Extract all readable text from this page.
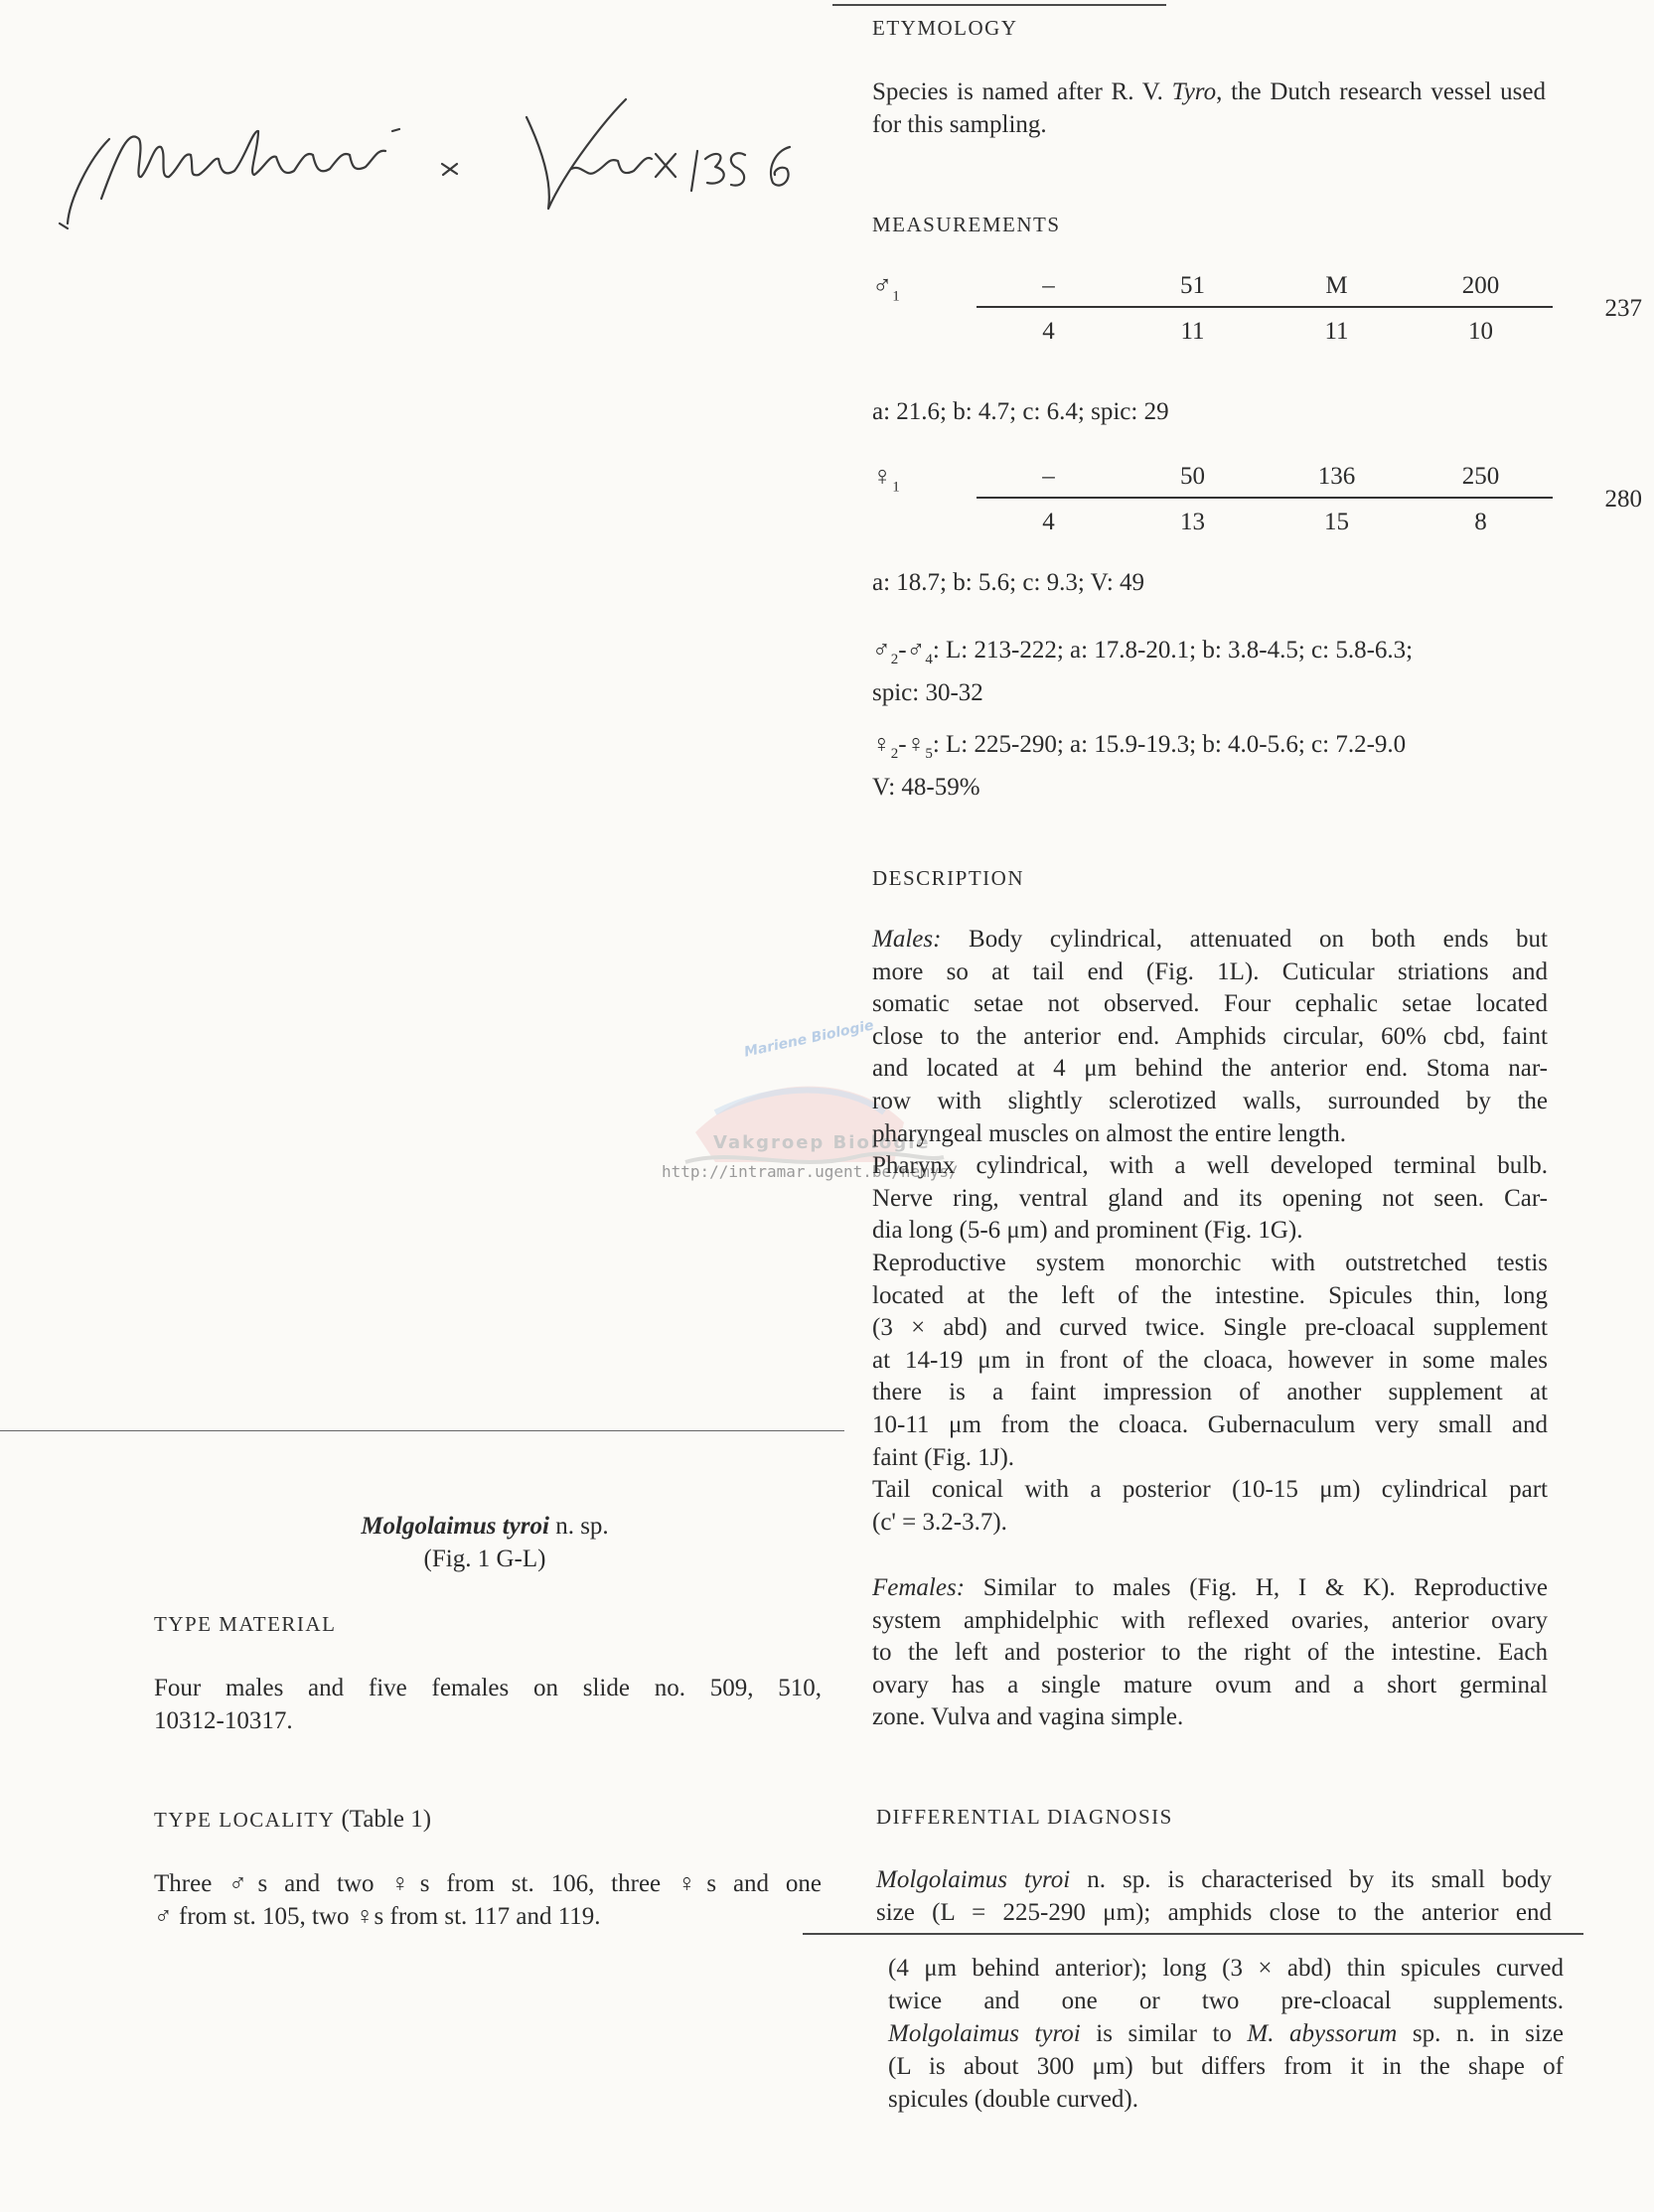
Mariene Biologie
Vakgroep Biologie
http://intramar.ugent.be/nemys/
ETYMOLOGY

Species is named after R. V. Tyro, the Dutch research vessel used for this sampling.

MEASUREMENTS
$♂_1$	–	51	M	200	237
	4	11	11	10	

a: 21.6; b: 4.7; c: 6.4; spic: 29

$♀_1$	–	50	136	250	280
	4	13	15	8	

a: 18.7; b: 5.6; c: 9.3; V: 49

$♂_2-♂_4$: L: 213-222; a: 17.8-20.1; b: 3.8-4.5; c: 5.8-6.3;
spic: 30-32
$♀_2-♀_5$: L: 225-290; a: 15.9-19.3; b: 4.0-5.6; c: 7.2-9.0
V: 48-59%
DESCRIPTION
Males: Body cylindrical, attenuated on both ends but
more so at tail end (Fig. 1L). Cuticular striations and
somatic setae not observed. Four cephalic setae located
close to the anterior end. Amphids circular, 60% cbd, faint
and located at 4 μm behind the anterior end. Stoma nar-
row with slightly sclerotized walls, surrounded by the
pharyngeal muscles on almost the entire length.
Pharynx cylindrical, with a well developed terminal bulb.
Nerve ring, ventral gland and its opening not seen. Car-
dia long (5-6 μm) and prominent (Fig. 1G).
Reproductive system monorchic with outstretched testis
located at the left of the intestine. Spicules thin, long
(3 × abd) and curved twice. Single pre-cloacal supplement
at 14-19 μm in front of the cloaca, however in some males
there is a faint impression of another supplement at
10-11 μm from the cloaca. Gubernaculum very small and
faint (Fig. 1J).
Tail conical with a posterior (10-15 μm) cylindrical part
(c' = 3.2-3.7).
Females: Similar to males (Fig. H, I & K). Reproductive
system amphidelphic with reflexed ovaries, anterior ovary
to the left and posterior to the right of the intestine. Each
ovary has a single mature ovum and a short germinal
zone. Vulva and vagina simple.
DIFFERENTIAL DIAGNOSIS
Molgolaimus tyroi n. sp. is characterised by its small body
size (L = 225-290 μm); amphids close to the anterior end
(4 μm behind anterior); long (3 × abd) thin spicules curved
twice and one or two pre-cloacal supplements.
Molgolaimus tyroi is similar to M. abyssorum sp. n. in size
(L is about 300 μm) but differs from it in the shape of
spicules (double curved).
Molgolaimus tyroi n. sp.
(Fig. 1 G-L)
TYPE MATERIAL
Four males and five females on slide no. 509, 510,
10312-10317.
TYPE LOCALITY (Table 1)
Three ♂s and two ♀s from st. 106, three ♀s and one
♂ from st. 105, two ♀s from st. 117 and 119.
